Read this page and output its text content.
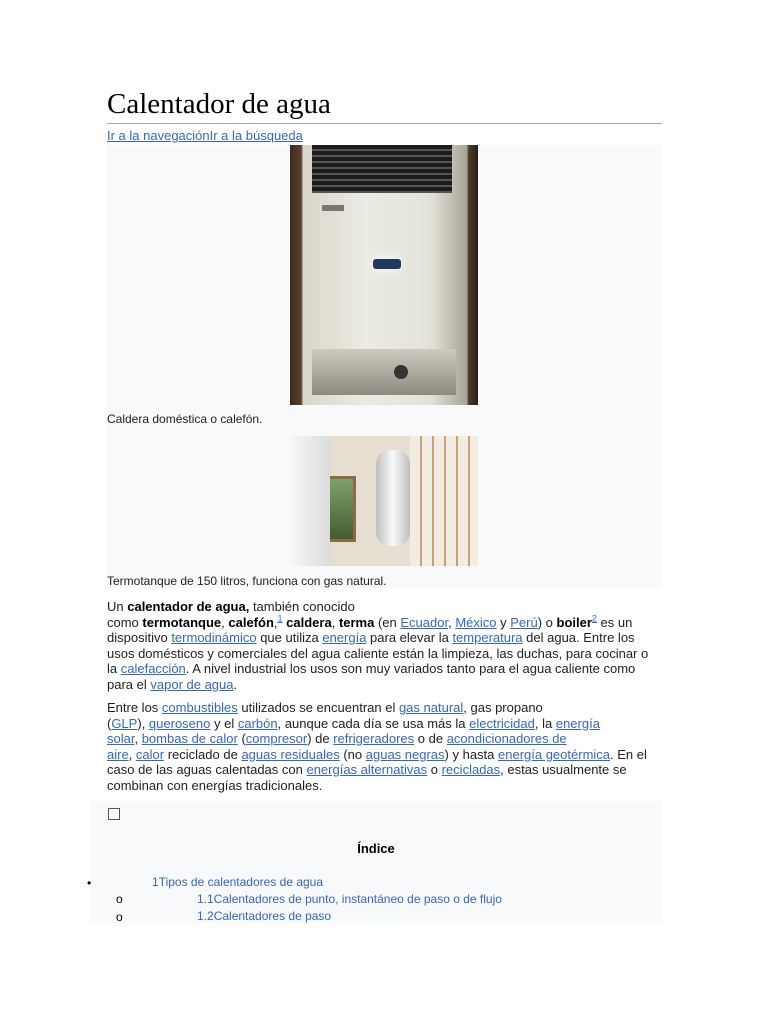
Calentador de agua
Ir a la navegaciónIr a la búsqueda
Caldera doméstica o calefón.
Termotanque de 150 litros, funciona con gas natural.
Un calentador de agua, también conocido
como termotanque, calefón,$^1$ caldera, terma (en Ecuador, México y Perú) o boiler$^2$ es un
dispositivo termodinámico que utiliza energía para elevar la temperatura del agua. Entre los
usos domésticos y comerciales del agua caliente están la limpieza, las duchas, para cocinar o
la calefacción. A nivel industrial los usos son muy variados tanto para el agua caliente como
para el vapor de agua.
Entre los combustibles utilizados se encuentran el gas natural, gas propano
(GLP), queroseno y el carbón, aunque cada día se usa más la electricidad, la energía
solar, bombas de calor (compresor) de refrigeradores o de acondicionadores de
aire, calor reciclado de aguas residuales (no aguas negras) y hasta energía geotérmica. En el
caso de las aguas calentadas con energías alternativas o recicladas, estas usualmente se
combinan con energías tradicionales.
Índice
•	1Tipos de calentadores de agua
o	1.1Calentadores de punto, instantáneo de paso o de flujo
o	1.2Calentadores de paso
